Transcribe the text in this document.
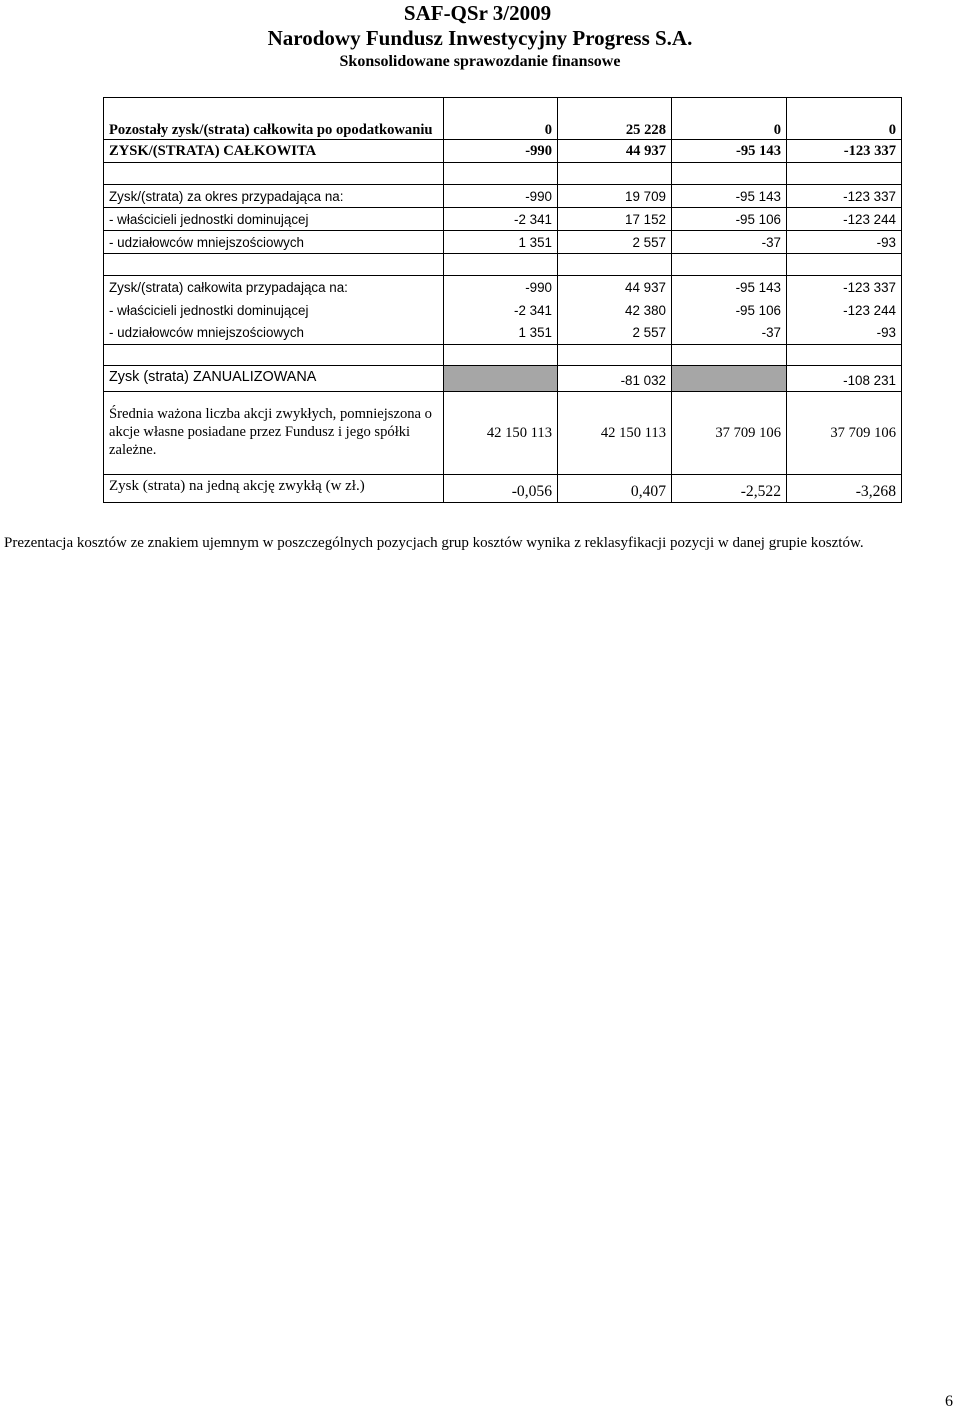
SAF-QSr 3/2009
Narodowy Fundusz Inwestycyjny Progress S.A.
Skonsolidowane sprawozdanie finansowe
Pozostały zysk/(strata) całkowita po opodatkowaniu	0	25 228	0	0
ZYSK/(STRATA) CAŁKOWITA	-990	44 937	-95 143	-123 337

Zysk/(strata) za okres przypadająca na:	-990	19 709	-95 143	-123 337
- właścicieli jednostki dominującej	-2 341	17 152	-95 106	-123 244
- udziałowców mniejszościowych	1 351	2 557	-37	-93

Zysk/(strata) całkowita przypadająca na:	-990	44 937	-95 143	-123 337
- właścicieli jednostki dominującej	-2 341	42 380	-95 106	-123 244
- udziałowców mniejszościowych	1 351	2 557	-37	-93

Zysk (strata) ZANUALIZOWANA		-81 032		-108 231
Średnia ważona liczba akcji zwykłych, pomniejszona o akcje własne posiadane przez Fundusz i jego spółki zależne.	42 150 113	42 150 113	37 709 106	37 709 106
Zysk (strata) na jedną akcję zwykłą (w zł.)	-0,056	0,407	-2,522	-3,268
Prezentacja kosztów ze znakiem ujemnym w poszczególnych pozycjach grup kosztów wynika z reklasyfikacji pozycji w danej grupie kosztów.
6
